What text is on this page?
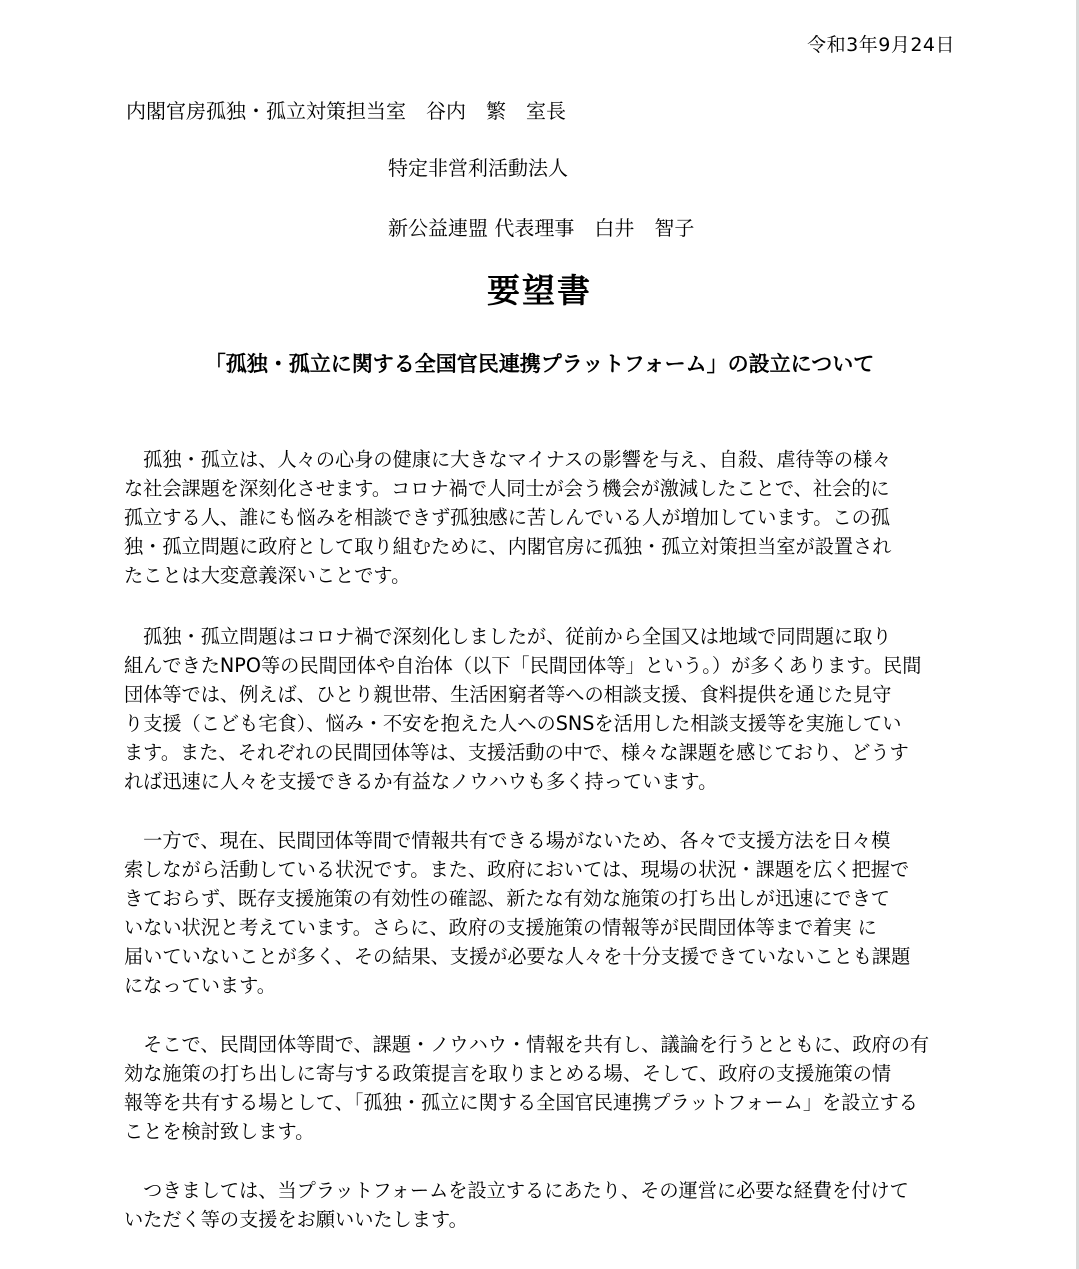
令和3年9月24日
内閣官房孤独・孤立対策担当室　谷内　繁　室長
特定非営利活動法人
新公益連盟 代表理事　白井　智子
要望書
「孤独・孤立に関する全国官民連携プラットフォーム」の設立について
　孤独・孤立は、人々の心身の健康に大きなマイナスの影響を与え、自殺、虐待等の様々
な社会課題を深刻化させます。コロナ禍で人同士が会う機会が激減したことで、社会的に
孤立する人、誰にも悩みを相談できず孤独感に苦しんでいる人が増加しています。この孤
独・孤立問題に政府として取り組むために、内閣官房に孤独・孤立対策担当室が設置され
たことは大変意義深いことです。
　孤独・孤立問題はコロナ禍で深刻化しましたが、従前から全国又は地域で同問題に取り
組んできたNPO等の民間団体や自治体（以下「民間団体等」という。）が多くあります。民間
団体等では、例えば、ひとり親世帯、生活困窮者等への相談支援、食料提供を通じた見守
り支援（こども宅食）、悩み・不安を抱えた人へのSNSを活用した相談支援等を実施してい
ます。また、それぞれの民間団体等は、支援活動の中で、様々な課題を感じており、どうす
れば迅速に人々を支援できるか有益なノウハウも多く持っています。
　一方で、現在、民間団体等間で情報共有できる場がないため、各々で支援方法を日々模
索しながら活動している状況です。また、政府においては、現場の状況・課題を広く把握で
きておらず、既存支援施策の有効性の確認、新たな有効な施策の打ち出しが迅速にできて
いない状況と考えています。さらに、政府の支援施策の情報等が民間団体等まで着実 に
届いていないことが多く、その結果、支援が必要な人々を十分支援できていないことも課題
になっています。
　そこで、民間団体等間で、課題・ノウハウ・情報を共有し、議論を行うとともに、政府の有
効な施策の打ち出しに寄与する政策提言を取りまとめる場、そして、政府の支援施策の情
報等を共有する場として、「孤独・孤立に関する全国官民連携プラットフォーム」を設立する
ことを検討致します。
　つきましては、当プラットフォームを設立するにあたり、その運営に必要な経費を付けて
いただく等の支援をお願いいたします。
